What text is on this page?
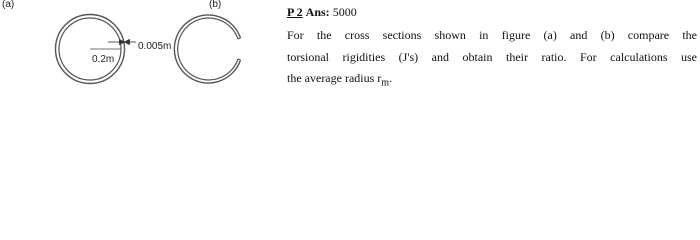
(a)	(b)
0.2m
0.005m
P 2 Ans: 5000
For the cross sections shown in figure (a) and (b) compare the
torsional rigidities (J's) and obtain their ratio. For calculations use
the average radius $r_m$.
